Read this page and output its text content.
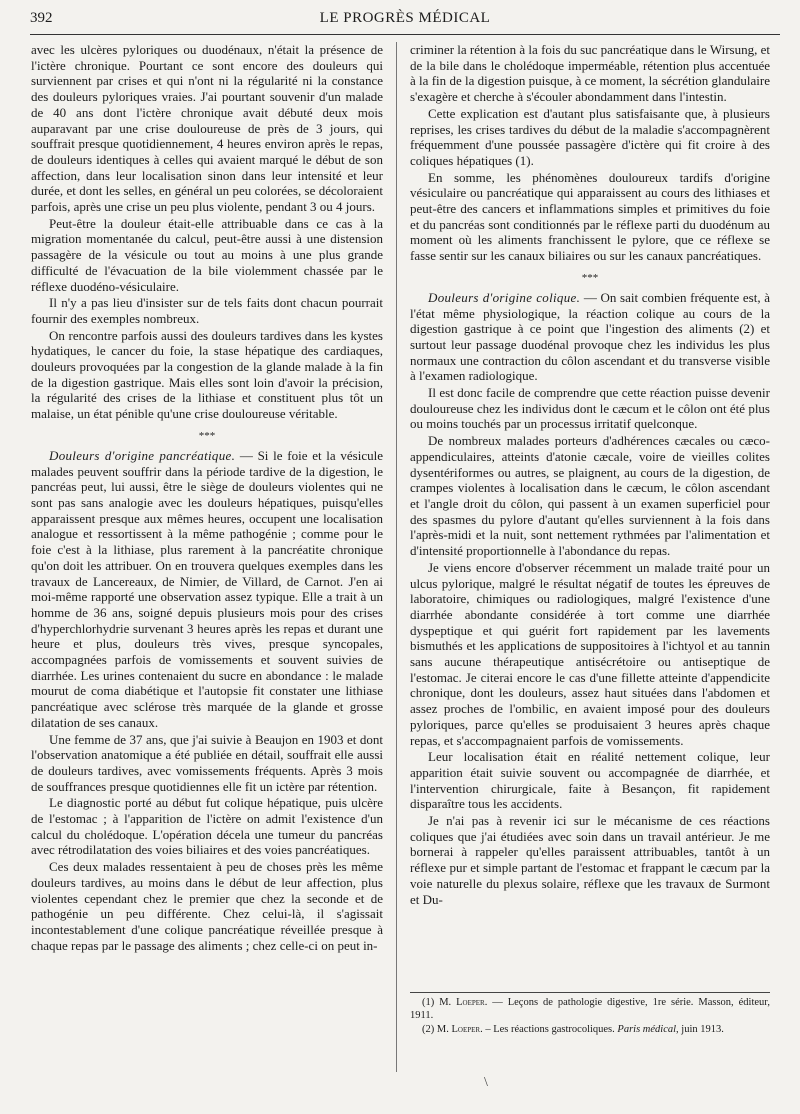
392	LE PROGRÈS MÉDICAL

avec les ulcères pyloriques ou duodénaux, n'était la présence de l'ictère chronique. Pourtant ce sont encore des douleurs qui surviennent par crises et qui n'ont ni la régularité ni la constance des douleurs pyloriques vraies. J'ai pourtant souvenir d'un malade de 40 ans dont l'ictère chronique avait débuté deux mois auparavant par une crise douloureuse de près de 3 jours, qui souffrait presque quotidiennement, 4 heures environ après le repas, de douleurs identiques à celles qui avaient marqué le début de son affection, dans leur localisation sinon dans leur intensité et leur durée, et dont les selles, en général un peu colorées, se décoloraient parfois, après une crise un peu plus violente, pendant 3 ou 4 jours.

Peut-être la douleur était-elle attribuable dans ce cas à la migration momentanée du calcul, peut-être aussi à une distension passagère de la vésicule ou tout au moins à une plus grande difficulté de l'évacuation de la bile violemment chassée par le réflexe duodéno-vésiculaire.

Il n'y a pas lieu d'insister sur de tels faits dont chacun pourrait fournir des exemples nombreux.

On rencontre parfois aussi des douleurs tardives dans les kystes hydatiques, le cancer du foie, la stase hépatique des cardiaques, douleurs provoquées par la congestion de la glande malade à la fin de la digestion gastrique. Mais elles sont loin d'avoir la précision, la régularité des crises de la lithiase et constituent plus tôt un malaise, un état pénible qu'une crise douloureuse véritable.

***

Douleurs d'origine pancréatique. — Si le foie et la vésicule malades peuvent souffrir dans la période tardive de la digestion, le pancréas peut, lui aussi, être le siège de douleurs violentes qui ne sont pas sans analogie avec les douleurs hépatiques, puisqu'elles apparaissent presque aux mêmes heures, occupent une localisation analogue et ressortissent à la même pathogénie ; comme pour le foie c'est à la lithiase, plus rarement à la pancréatite chronique qu'on doit les attribuer. On en trouvera quelques exemples dans les travaux de Lancereaux, de Nimier, de Villard, de Carnot. J'en ai moi-même rapporté une observation assez typique. Elle a trait à un homme de 36 ans, soigné depuis plusieurs mois pour des crises d'hyperchlorhydrie survenant 3 heures après les repas et durant une heure et plus, douleurs très vives, presque syncopales, accompagnées parfois de vomissements et souvent suivies de diarrhée. Les urines contenaient du sucre en abondance : le malade mourut de coma diabétique et l'autopsie fit constater une lithiase pancréatique avec sclérose très marquée de la glande et grosse dilatation de ses canaux.

Une femme de 37 ans, que j'ai suivie à Beaujon en 1903 et dont l'observation anatomique a été publiée en détail, souffrait elle aussi de douleurs tardives, avec vomissements fréquents. Après 3 mois de souffrances presque quotidiennes elle fit un ictère par rétention.

Le diagnostic porté au début fut colique hépatique, puis ulcère de l'estomac ; à l'apparition de l'ictère on admit l'existence d'un calcul du cholédoque. L'opération décela une tumeur du pancréas avec rétrodilatation des voies biliaires et des voies pancréatiques.

Ces deux malades ressentaient à peu de choses près les même douleurs tardives, au moins dans le début de leur affection, plus violentes cependant chez le premier que chez la seconde et de pathogénie un peu différente. Chez celui-là, il s'agissait incontestablement d'une colique pancréatique réveillée presque à chaque repas par le passage des aliments ; chez celle-ci on peut in-

criminer la rétention à la fois du suc pancréatique dans le Wirsung, et de la bile dans le cholédoque imperméable, rétention plus accentuée à la fin de la digestion puisque, à ce moment, la sécrétion glandulaire s'exagère et cherche à s'écouler abondamment dans l'intestin.

Cette explication est d'autant plus satisfaisante que, à plusieurs reprises, les crises tardives du début de la maladie s'accompagnèrent fréquemment d'une poussée passagère d'ictère qui fit croire à des coliques hépatiques (1).

En somme, les phénomènes douloureux tardifs d'origine vésiculaire ou pancréatique qui apparaissent au cours des lithiases et peut-être des cancers et inflammations simples et primitives du foie et du pancréas sont conditionnés par le réflexe parti du duodénum au moment où les aliments franchissent le pylore, que ce réflexe se fasse sentir sur les canaux biliaires ou sur les canaux pancréatiques.

***

Douleurs d'origine colique. — On sait combien fréquente est, à l'état même physiologique, la réaction colique au cours de la digestion gastrique à ce point que l'ingestion des aliments (2) et surtout leur passage duodénal provoque chez les individus les plus normaux une contraction du côlon ascendant et du transverse visible à l'examen radiologique.

Il est donc facile de comprendre que cette réaction puisse devenir douloureuse chez les individus dont le cæcum et le côlon ont été plus ou moins touchés par un processus irritatif quelconque.

De nombreux malades porteurs d'adhérences cæcales ou cæco-appendiculaires, atteints d'atonie cæcale, voire de vieilles colites dysentériformes ou autres, se plaignent, au cours de la digestion, de crampes violentes à localisation dans le cæcum, le côlon ascendant et l'angle droit du côlon, qui passent à un examen superficiel pour des spasmes du pylore d'autant qu'elles surviennent à la fois dans l'après-midi et la nuit, sont nettement rythmées par l'alimentation et d'intensité proportionnelle à l'abondance du repas.

Je viens encore d'observer récemment un malade traité pour un ulcus pylorique, malgré le résultat négatif de toutes les épreuves de laboratoire, chimiques ou radiologiques, malgré l'existence d'une diarrhée abondante considérée à tort comme une diarrhée dyspeptique et qui guérit fort rapidement par les lavements bismuthés et les applications de suppositoires à l'ichtyol et au tannin sans aucune thérapeutique antisécrétoire ou antiseptique de l'estomac. Je citerai encore le cas d'une fillette atteinte d'appendicite chronique, dont les douleurs, assez haut situées dans l'abdomen et assez proches de l'ombilic, en avaient imposé pour des douleurs pyloriques, parce qu'elles se produisaient 3 heures après chaque repas, et s'accompagnaient parfois de vomissements.

Leur localisation était en réalité nettement colique, leur apparition était suivie souvent ou accompagnée de diarrhée, et l'intervention chirurgicale, faite à Besançon, fit rapidement disparaître tous les accidents.

Je n'ai pas à revenir ici sur le mécanisme de ces réactions coliques que j'ai étudiées avec soin dans un travail antérieur. Je me bornerai à rappeler qu'elles paraissent attribuables, tantôt à un réflexe pur et simple partant de l'estomac et frappant le cæcum par la voie naturelle du plexus solaire, réflexe que les travaux de Surmont et Du-

(1) M. Loeper. — Leçons de pathologie digestive, 1re série. Masson, éditeur, 1911.

(2) M. Loeper. – Les réactions gastrocoliques. Paris médical, juin 1913.

\
